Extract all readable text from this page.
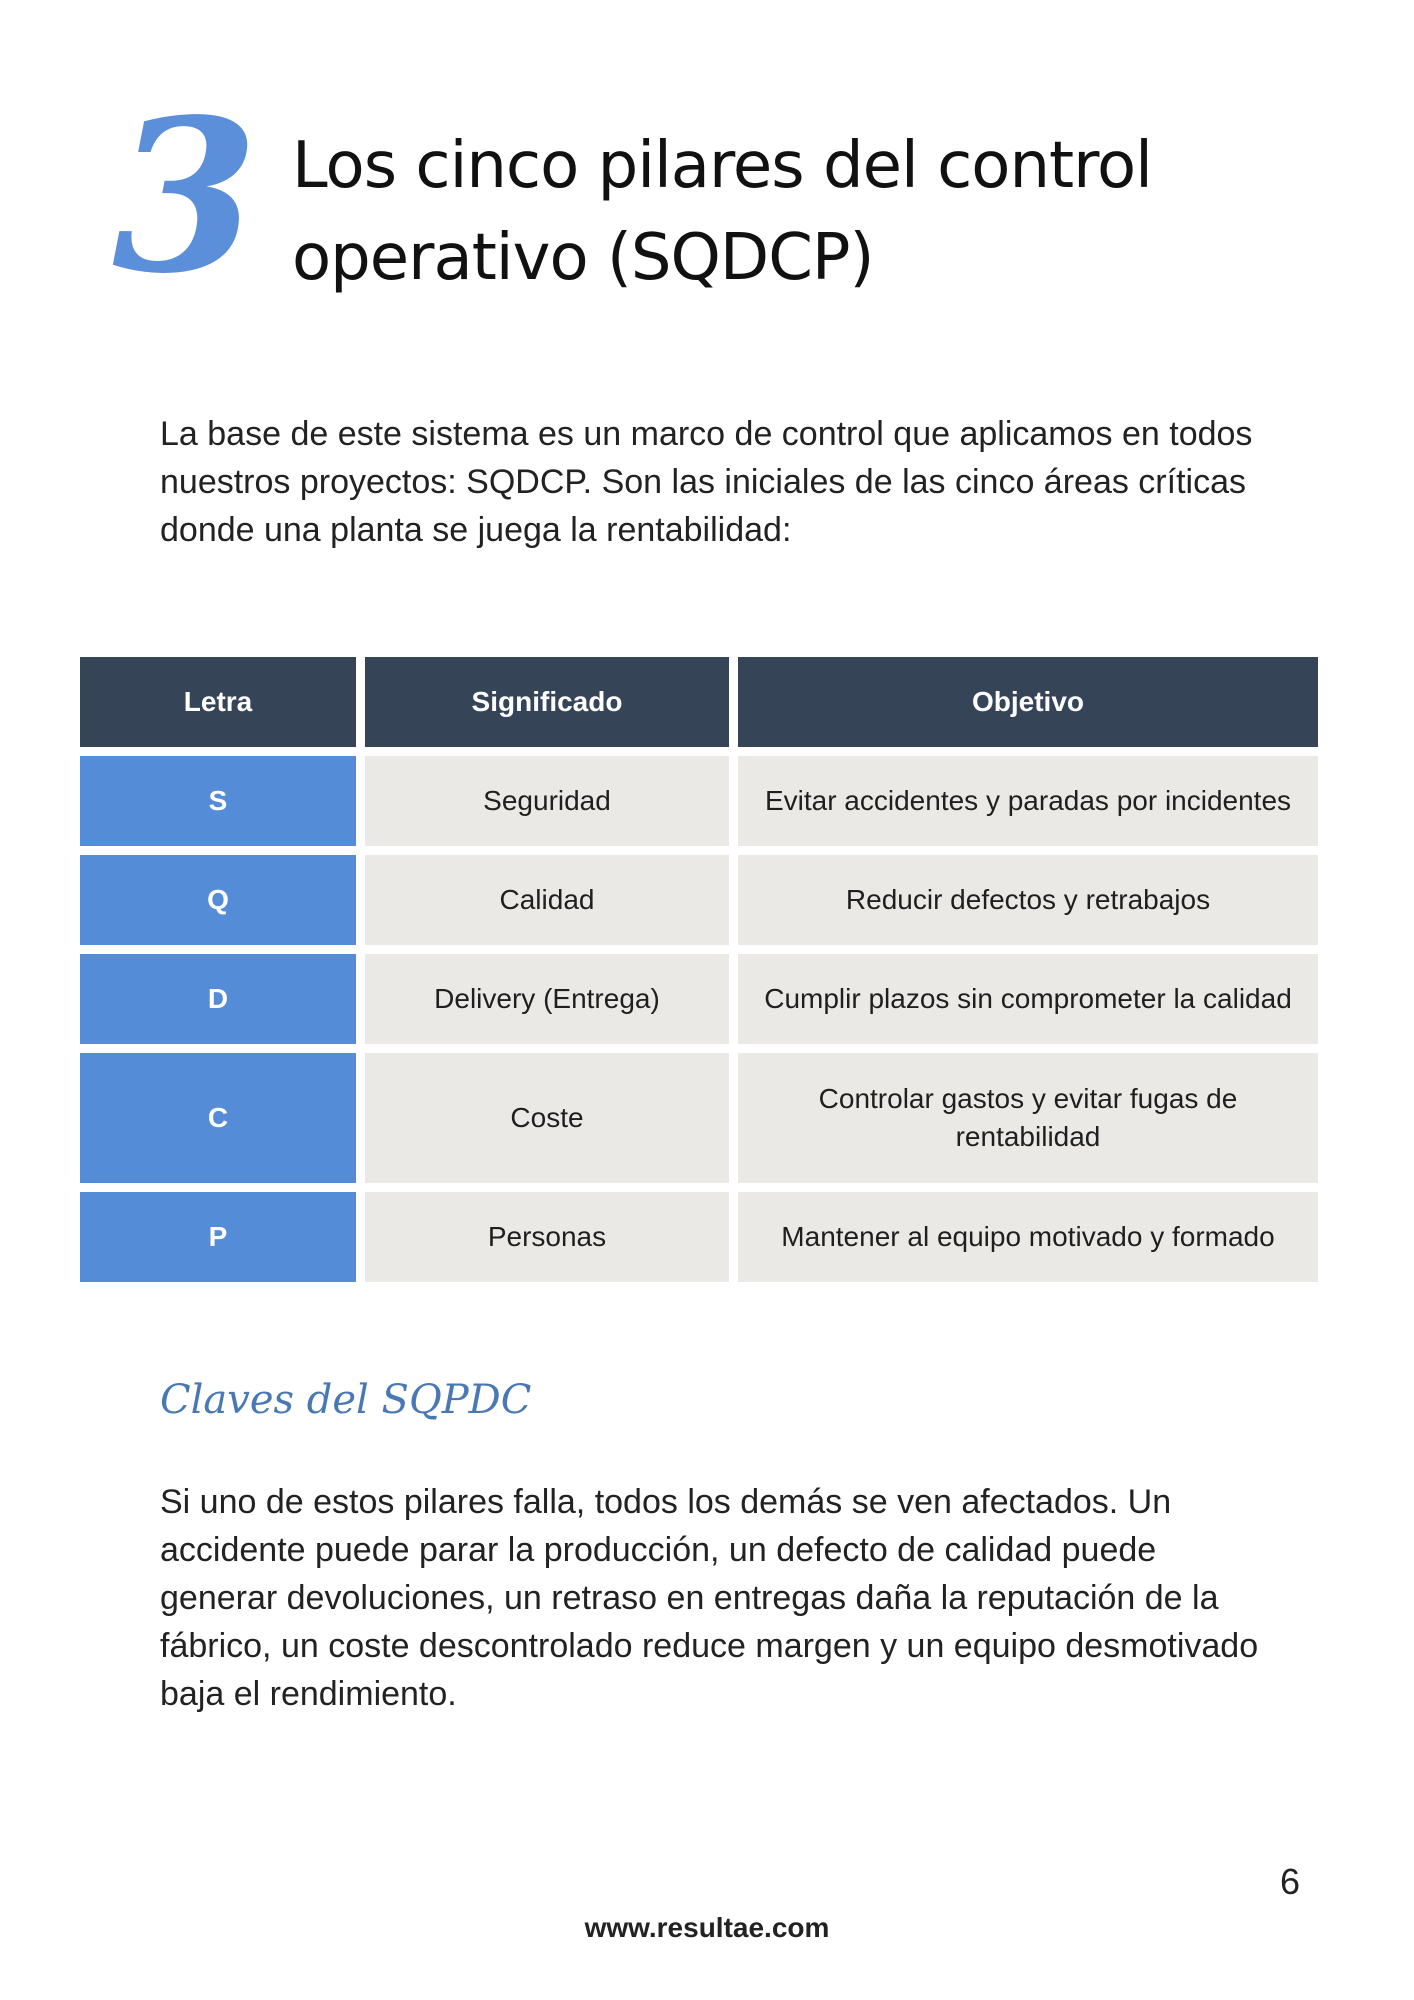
3 Los cinco pilares del control operativo (SQDCP)

La base de este sistema es un marco de control que aplicamos en todos nuestros proyectos: SQDCP. Son las iniciales de las cinco áreas críticas donde una planta se juega la rentabilidad:

Letra	Significado	Objetivo
S	Seguridad	Evitar accidentes y paradas por incidentes
Q	Calidad	Reducir defectos y retrabajos
D	Delivery (Entrega)	Cumplir plazos sin comprometer la calidad
C	Coste	Controlar gastos y evitar fugas de rentabilidad
P	Personas	Mantener al equipo motivado y formado
Claves del SQPDC

Si uno de estos pilares falla, todos los demás se ven afectados. Un accidente puede parar la producción, un defecto de calidad puede generar devoluciones, un retraso en entregas daña la reputación de la fábrico, un coste descontrolado reduce margen y un equipo desmotivado baja el rendimiento.

6
www.resultae.com
